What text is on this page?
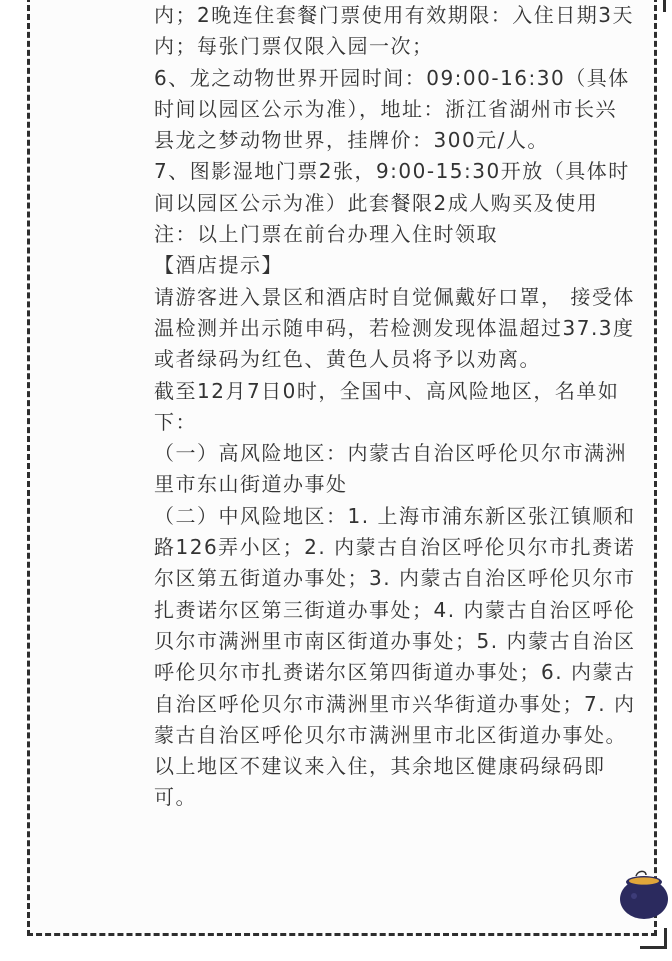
内；2晚连住套餐门票使用有效期限：入住日期3天内；每张门票仅限入园一次；

6、龙之动物世界开园时间：09:00-16:30（具体时间以园区公示为准），地址：浙江省湖州市长兴县龙之梦动物世界，挂牌价：300元/人。

7、图影湿地门票2张，9:00-15:30开放（具体时间以园区公示为准）此套餐限2成人购买及使用

注：以上门票在前台办理入住时领取

【酒店提示】

请游客进入景区和酒店时自觉佩戴好口罩， 接受体温检测并出示随申码，若检测发现体温超过37.3度或者绿码为红色、黄色人员将予以劝离。

截至12月7日0时，全国中、高风险地区，名单如下：

（一）高风险地区：内蒙古自治区呼伦贝尔市满洲里市东山街道办事处

（二）中风险地区：1. 上海市浦东新区张江镇顺和路126弄小区；2. 内蒙古自治区呼伦贝尔市扎赉诺尔区第五街道办事处；3. 内蒙古自治区呼伦贝尔市扎赉诺尔区第三街道办事处；4. 内蒙古自治区呼伦贝尔市满洲里市南区街道办事处；5. 内蒙古自治区呼伦贝尔市扎赉诺尔区第四街道办事处；6. 内蒙古自治区呼伦贝尔市满洲里市兴华街道办事处；7. 内蒙古自治区呼伦贝尔市满洲里市北区街道办事处。以上地区不建议来入住，其余地区健康码绿码即可。
